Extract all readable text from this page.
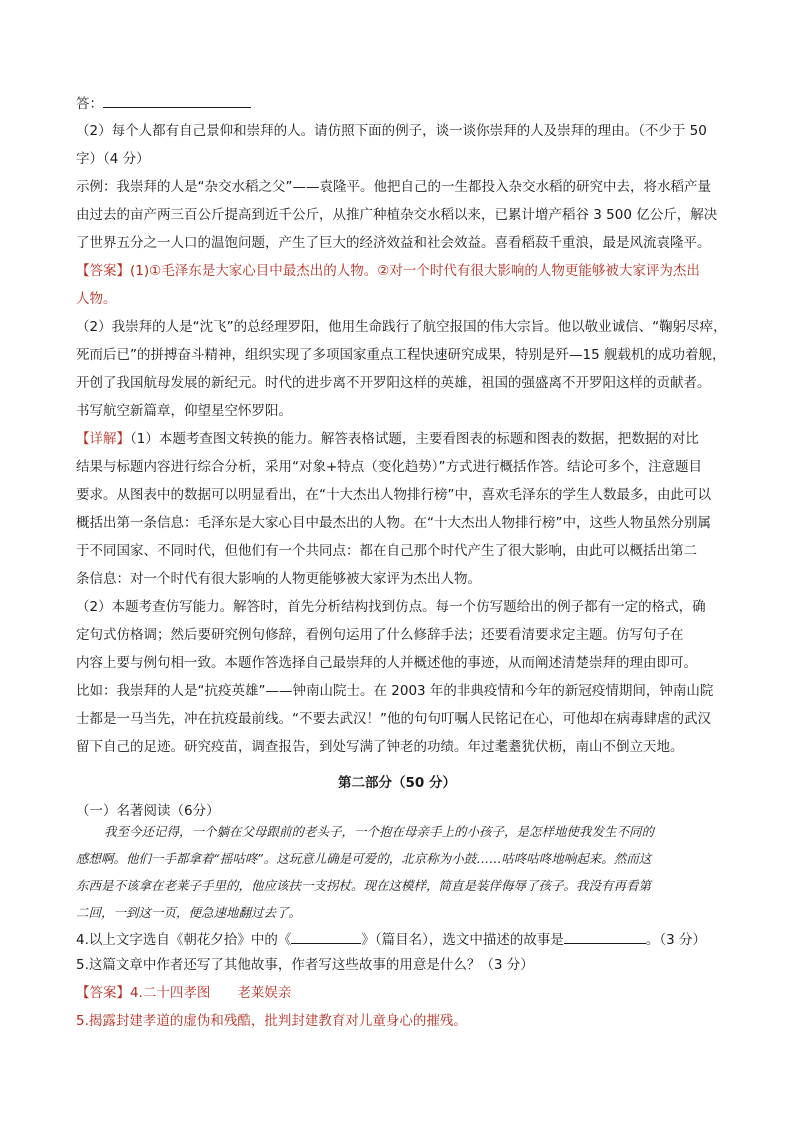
答：
（2）每个人都有自己景仰和崇拜的人。请仿照下面的例子，谈一谈你崇拜的人及崇拜的理由。（不少于 50
字）（4 分）
示例：我崇拜的人是“杂交水稻之父”——袁隆平。他把自己的一生都投入杂交水稻的研究中去，将水稻产量
由过去的亩产两三百公斤提高到近千公斤，从推广种植杂交水稻以来，已累计增产稻谷 3 500 亿公斤，解决
了世界五分之一人口的温饱问题，产生了巨大的经济效益和社会效益。喜看稻菽千重浪，最是风流袁隆平。
【答案】(1)①毛泽东是大家心目中最杰出的人物。②对一个时代有很大影响的人物更能够被大家评为杰出
人物。
（2）我崇拜的人是“沈飞”的总经理罗阳，他用生命践行了航空报国的伟大宗旨。他以敬业诚信、“鞠躬尽瘁，
死而后已”的拼搏奋斗精神，组织实现了多项国家重点工程快速研究成果，特别是歼—15 舰载机的成功着舰，
开创了我国航母发展的新纪元。时代的进步离不开罗阳这样的英雄，祖国的强盛离不开罗阳这样的贡献者。
书写航空新篇章，仰望星空怀罗阳。
【详解】（1）本题考查图文转换的能力。解答表格试题，主要看图表的标题和图表的数据，把数据的对比
结果与标题内容进行综合分析，采用“对象+特点（变化趋势）”方式进行概括作答。结论可多个，注意题目
要求。从图表中的数据可以明显看出，在“十大杰出人物排行榜”中，喜欢毛泽东的学生人数最多，由此可以
概括出第一条信息：毛泽东是大家心目中最杰出的人物。在“十大杰出人物排行榜”中，这些人物虽然分别属
于不同国家、不同时代，但他们有一个共同点：都在自己那个时代产生了很大影响，由此可以概括出第二
条信息：对一个时代有很大影响的人物更能够被大家评为杰出人物。
（2）本题考查仿写能力。解答时，首先分析结构找到仿点。每一个仿写题给出的例子都有一定的格式，确
定句式仿格调；然后要研究例句修辞，看例句运用了什么修辞手法；还要看清要求定主题。仿写句子在
内容上要与例句相一致。本题作答选择自己最崇拜的人并概述他的事迹，从而阐述清楚崇拜的理由即可。
比如：我崇拜的人是“抗疫英雄”——钟南山院士。在 2003 年的非典疫情和今年的新冠疫情期间，钟南山院
士都是一马当先，冲在抗疫最前线。“不要去武汉！”他的句句叮嘱人民铭记在心，可他却在病毒肆虐的武汉
留下自己的足迹。研究疫苗，调查报告，到处写满了钟老的功绩。年过耄耋犹伏枥，南山不倒立天地。
第二部分（50 分）
（一）名著阅读（6分）
我至今还记得，一个躺在父母跟前的老头子，一个抱在母亲手上的小孩子，是怎样地使我发生不同的
感想啊。他们一手都拿着“摇咕咚”。这玩意儿确是可爱的，北京称为小鼓……咕咚咕咚地响起来。然而这
东西是不该拿在老莱子手里的，他应该扶一支拐杖。现在这模样，简直是装佯侮辱了孩子。我没有再看第
二回，一到这一页，便急速地翻过去了。
4.以上文字选自《朝花夕拾》中的《	》（篇目名），选文中描述的故事是	。（3 分）
5.这篇文章中作者还写了其他故事，作者写这些故事的用意是什么？（3 分）
【答案】4.二十四孝图　　老莱娱亲
5.揭露封建孝道的虚伪和残酷，批判封建教育对儿童身心的摧残。
